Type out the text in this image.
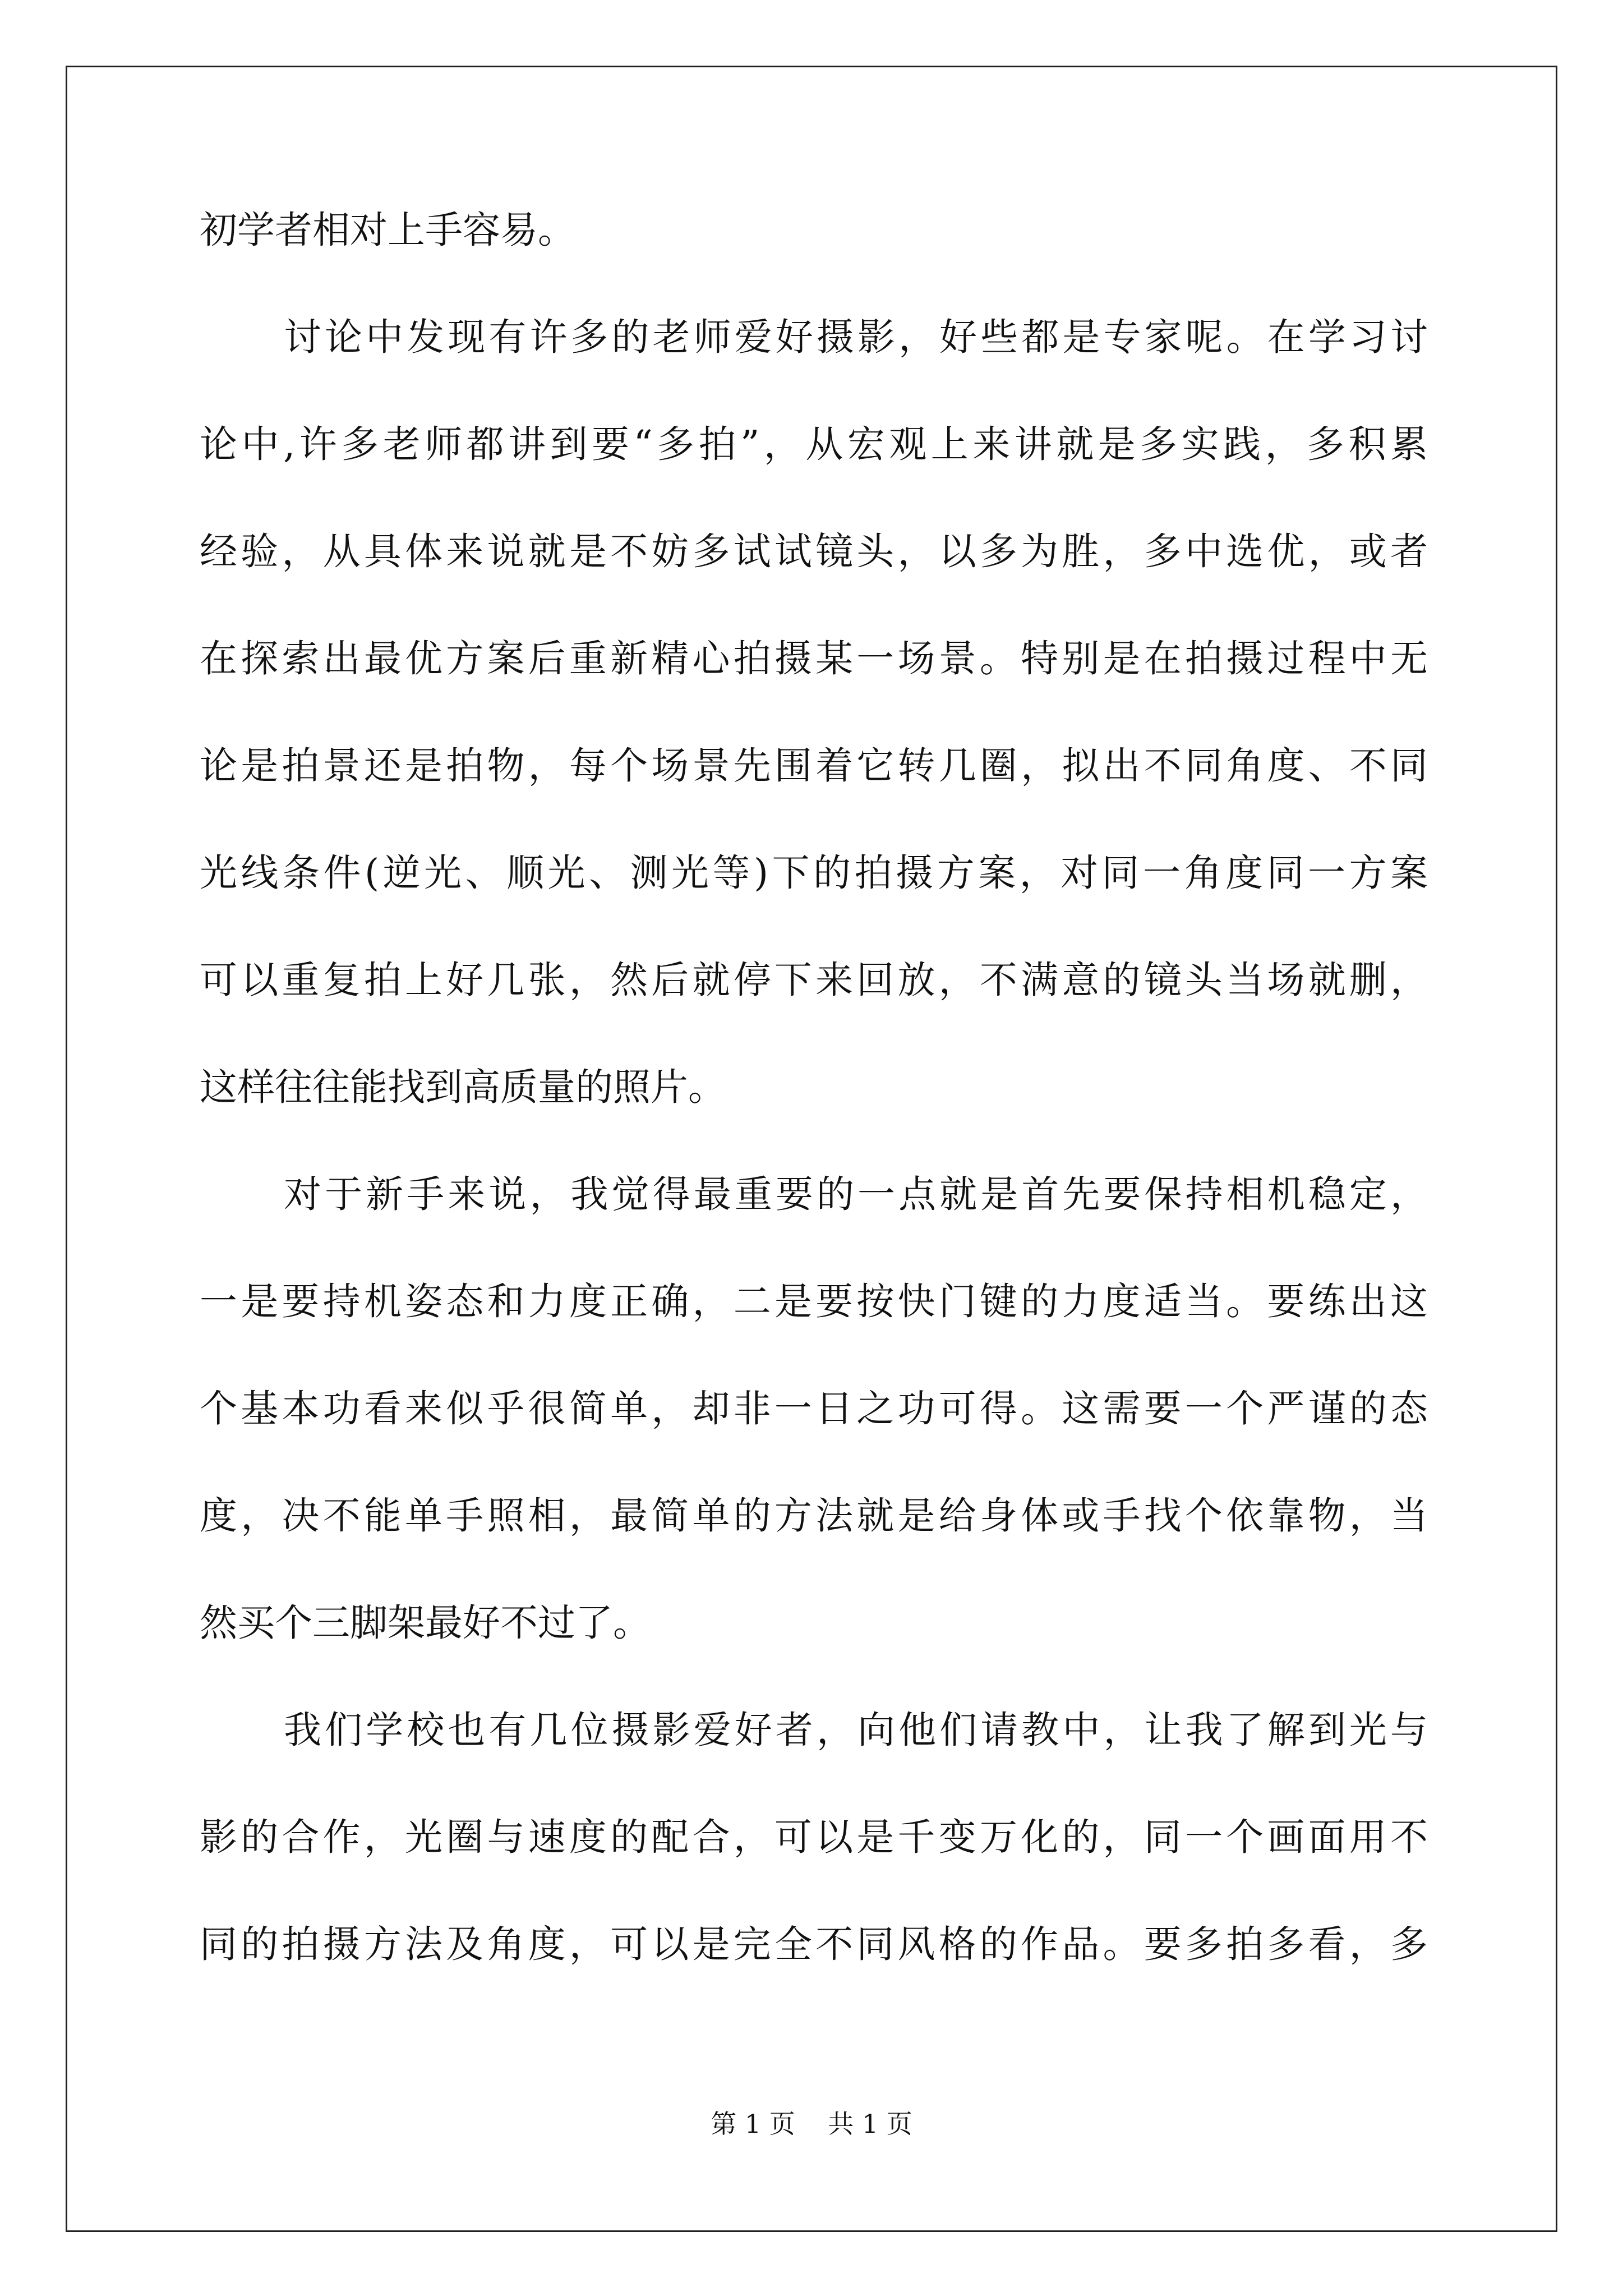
初学者相对上手容易。
讨论中发现有许多的老师爱好摄影，好些都是专家呢。在学习讨
论中,许多老师都讲到要“多拍”，从宏观上来讲就是多实践，多积累
经验，从具体来说就是不妨多试试镜头，以多为胜，多中选优，或者
在探索出最优方案后重新精心拍摄某一场景。特别是在拍摄过程中无
论是拍景还是拍物，每个场景先围着它转几圈，拟出不同角度、不同
光线条件(逆光、顺光、测光等)下的拍摄方案，对同一角度同一方案
可以重复拍上好几张，然后就停下来回放，不满意的镜头当场就删，
这样往往能找到高质量的照片。
对于新手来说，我觉得最重要的一点就是首先要保持相机稳定，
一是要持机姿态和力度正确，二是要按快门键的力度适当。要练出这
个基本功看来似乎很简单，却非一日之功可得。这需要一个严谨的态
度，决不能单手照相，最简单的方法就是给身体或手找个依靠物，当
然买个三脚架最好不过了。
我们学校也有几位摄影爱好者，向他们请教中，让我了解到光与
影的合作，光圈与速度的配合，可以是千变万化的，同一个画面用不
同的拍摄方法及角度，可以是完全不同风格的作品。要多拍多看，多
第 1 页    共 1 页
